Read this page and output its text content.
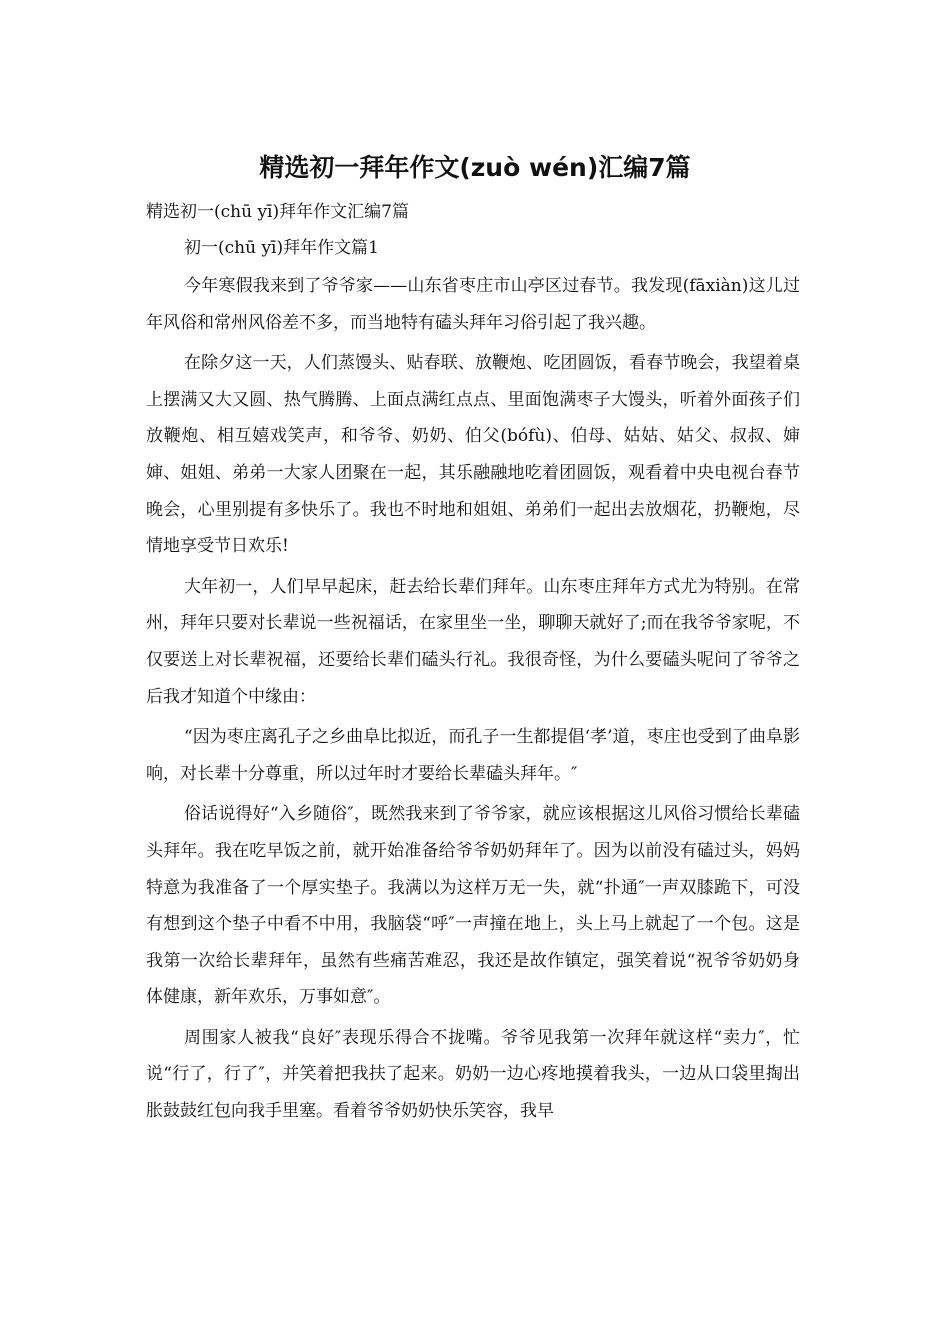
精选初一拜年作文(zuò wén)汇编7篇
精选初一(chū yī)拜年作文汇编7篇
初一(chū yī)拜年作文篇1

今年寒假我来到了爷爷家——山东省枣庄市山亭区过春节。我发现(fāxiàn)这儿过年风俗和常州风俗差不多，而当地特有磕头拜年习俗引起了我兴趣。

在除夕这一天，人们蒸馒头、贴春联、放鞭炮、吃团圆饭，看春节晚会，我望着桌上摆满又大又圆、热气腾腾、上面点满红点点、里面饱满枣子大馒头，听着外面孩子们放鞭炮、相互嬉戏笑声，和爷爷、奶奶、伯父(bófù)、伯母、姑姑、姑父、叔叔、婶婶、姐姐、弟弟一大家人团聚在一起，其乐融融地吃着团圆饭，观看着中央电视台春节晚会，心里别提有多快乐了。我也不时地和姐姐、弟弟们一起出去放烟花，扔鞭炮，尽情地享受节日欢乐!

大年初一，人们早早起床，赶去给长辈们拜年。山东枣庄拜年方式尤为特别。在常州，拜年只要对长辈说一些祝福话，在家里坐一坐，聊聊天就好了;而在我爷爷家呢，不仅要送上对长辈祝福，还要给长辈们磕头行礼。我很奇怪，为什么要磕头呢问了爷爷之后我才知道个中缘由：

“因为枣庄离孔子之乡曲阜比拟近，而孔子一生都提倡‘孝’道，枣庄也受到了曲阜影响，对长辈十分尊重，所以过年时才要给长辈磕头拜年。″

俗话说得好“入乡随俗″，既然我来到了爷爷家，就应该根据这儿风俗习惯给长辈磕头拜年。我在吃早饭之前，就开始准备给爷爷奶奶拜年了。因为以前没有磕过头，妈妈特意为我准备了一个厚实垫子。我满以为这样万无一失，就“扑通″一声双膝跪下，可没有想到这个垫子中看不中用，我脑袋“呼″一声撞在地上，头上马上就起了一个包。这是我第一次给长辈拜年，虽然有些痛苦难忍，我还是故作镇定，强笑着说“祝爷爷奶奶身体健康，新年欢乐，万事如意″。

周围家人被我“良好″表现乐得合不拢嘴。爷爷见我第一次拜年就这样“卖力″，忙说“行了，行了″，并笑着把我扶了起来。奶奶一边心疼地摸着我头，一边从口袋里掏出胀鼓鼓红包向我手里塞。看着爷爷奶奶快乐笑容，我早
